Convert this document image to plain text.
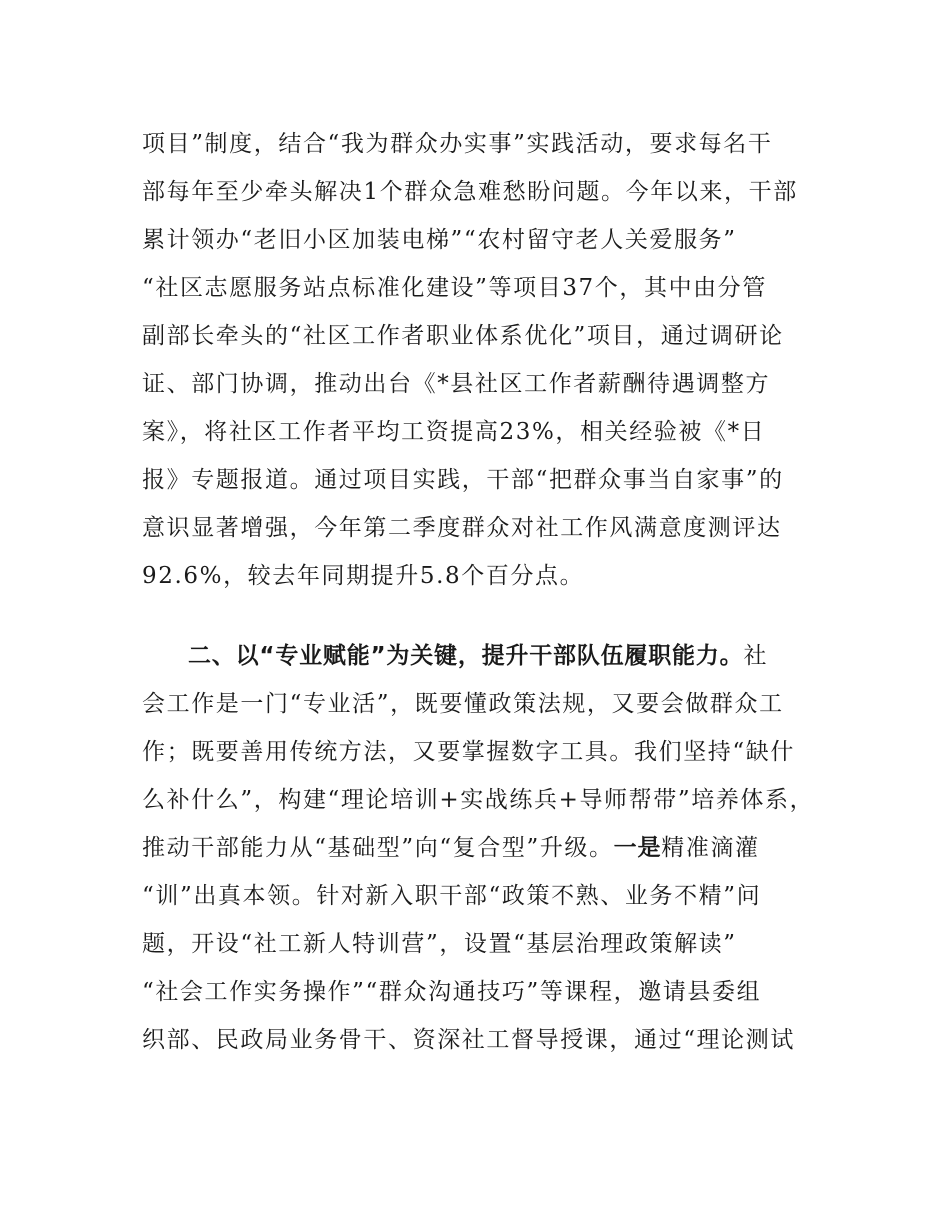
项目”制度，结合“我为群众办实事”实践活动，要求每名干
部每年至少牵头解决1个群众急难愁盼问题。今年以来，干部
累计领办“老旧小区加装电梯”“农村留守老人关爱服务”
“社区志愿服务站点标准化建设”等项目37个，其中由分管
副部长牵头的“社区工作者职业体系优化”项目，通过调研论
证、部门协调，推动出台《*县社区工作者薪酬待遇调整方
案》，将社区工作者平均工资提高23%，相关经验被《*日
报》专题报道。通过项目实践，干部“把群众事当自家事”的
意识显著增强，今年第二季度群众对社工作风满意度测评达
92.6%，较去年同期提升5.8个百分点。
二、以“专业赋能”为关键，提升干部队伍履职能力。社
会工作是一门“专业活”，既要懂政策法规，又要会做群众工
作；既要善用传统方法，又要掌握数字工具。我们坚持“缺什
么补什么”，构建“理论培训+实战练兵+导师帮带”培养体系，
推动干部能力从“基础型”向“复合型”升级。一是精准滴灌
“训”出真本领。针对新入职干部“政策不熟、业务不精”问
题，开设“社工新人特训营”，设置“基层治理政策解读”
“社会工作实务操作”“群众沟通技巧”等课程，邀请县委组
织部、民政局业务骨干、资深社工督导授课，通过“理论测试
